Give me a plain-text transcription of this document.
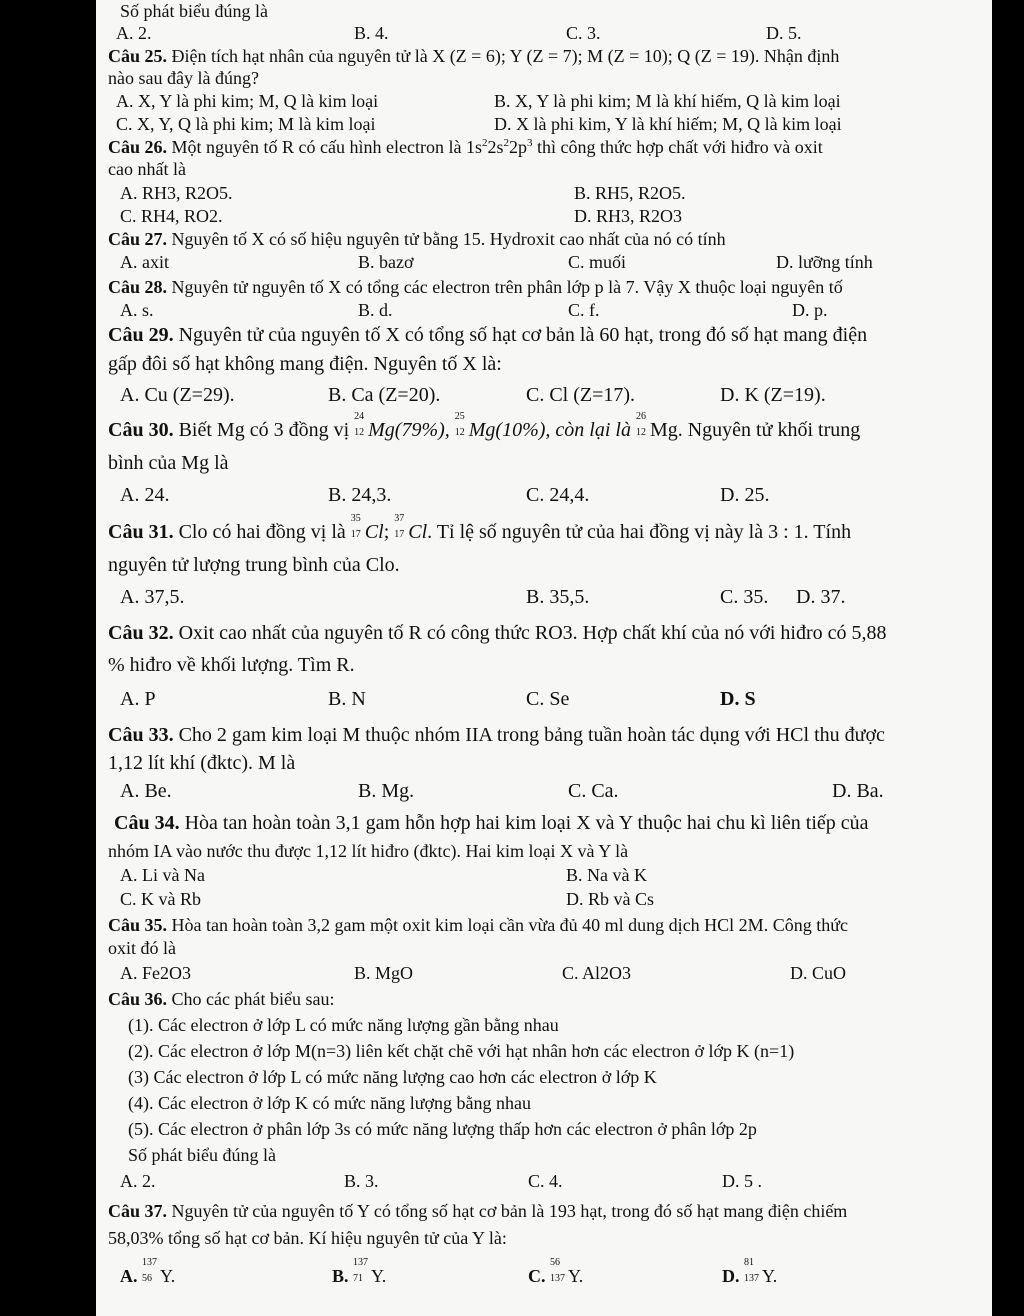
Số phát biểu đúng là
A. 2.	B. 4.	C. 3.	D. 5.
Câu 25. Điện tích hạt nhân của nguyên tử là X (Z = 6); Y (Z = 7); M (Z = 10); Q (Z = 19). Nhận định
nào sau đây là đúng?
A. X, Y là phi kim; M, Q là kim loại	B. X, Y là phi kim; M là khí hiếm, Q là kim loại
C. X, Y, Q là phi kim; M là kim loại	D. X là phi kim, Y là khí hiếm; M, Q là kim loại
Câu 26. Một nguyên tố R có cấu hình electron là $1s^22s^22p^3$ thì công thức hợp chất với hiđro và oxit
cao nhất là
A. RH3, R2O5.	B. RH5, R2O5.
C. RH4, RO2.	D. RH3, R2O3
Câu 27. Nguyên tố X có số hiệu nguyên tử bằng 15. Hydroxit cao nhất của nó có tính
A. axit	B. bazơ	C. muối	D. lưỡng tính
Câu 28. Nguyên tử nguyên tố X có tổng các electron trên phân lớp p là 7. Vậy X thuộc loại nguyên tố
A. s.	B. d.	C. f.	D. p.
Câu 29. Nguyên tử của nguyên tố X có tổng số hạt cơ bản là 60 hạt, trong đó số hạt mang điện
gấp đôi số hạt không mang điện. Nguyên tố X là:
A. Cu (Z=29).	B. Ca (Z=20).	C. Cl (Z=17).	D. K (Z=19).
Câu 30. Biết Mg có 3 đồng vị
24
12 Mg(79%),
25
12 Mg(10%), còn lại là
26
12 Mg. Nguyên tử khối trung
bình của Mg là
A. 24.	B. 24,3.	C. 24,4.	D. 25.
Câu 31. Clo có hai đồng vị là
35
17 Cl;
37
17 Cl. Tỉ lệ số nguyên tử của hai đồng vị này là 3 : 1. Tính
nguyên tử lượng trung bình của Clo.
A. 37,5.	B. 35,5.	C. 35. D. 37.
Câu 32. Oxit cao nhất của nguyên tố R có công thức RO3. Hợp chất khí của nó với hiđro có 5,88
% hiđro về khối lượng. Tìm R.
A. P	B. N	C. Se	D. S
Câu 33. Cho 2 gam kim loại M thuộc nhóm IIA trong bảng tuần hoàn tác dụng với HCl thu được
1,12 lít khí (đktc). M là
A. Be.	B. Mg.	C. Ca.	D. Ba.
Câu 34. Hòa tan hoàn toàn 3,1 gam hỗn hợp hai kim loại X và Y thuộc hai chu kì liên tiếp của
nhóm IA vào nước thu được 1,12 lít hiđro (đktc). Hai kim loại X và Y là
A. Li và Na	B. Na và K
C. K và Rb	D. Rb và Cs
Câu 35. Hòa tan hoàn toàn 3,2 gam một oxit kim loại cần vừa đủ 40 ml dung dịch HCl 2M. Công thức
oxit đó là
A. Fe2O3	B. MgO	C. Al2O3	D. CuO
Câu 36. Cho các phát biểu sau:
(1). Các electron ở lớp L có mức năng lượng gần bằng nhau
(2). Các electron ở lớp M(n=3) liên kết chặt chẽ với hạt nhân hơn các electron ở lớp K (n=1)
(3) Các electron ở lớp L có mức năng lượng cao hơn các electron ở lớp K
(4). Các electron ở lớp K có mức năng lượng bằng nhau
(5). Các electron ở phân lớp 3s có mức năng lượng thấp hơn các electron ở phân lớp 2p
Số phát biểu đúng là
A. 2.	B. 3.	C. 4.	D. 5 .
Câu 37. Nguyên tử của nguyên tố Y có tổng số hạt cơ bản là 193 hạt, trong đó số hạt mang điện chiếm
58,03% tổng số hạt cơ bản. Kí hiệu nguyên tử của Y là:
A.
137
56 Y.	B.
137
71 Y.	C.
56
137 Y.	D.
81
137 Y.
